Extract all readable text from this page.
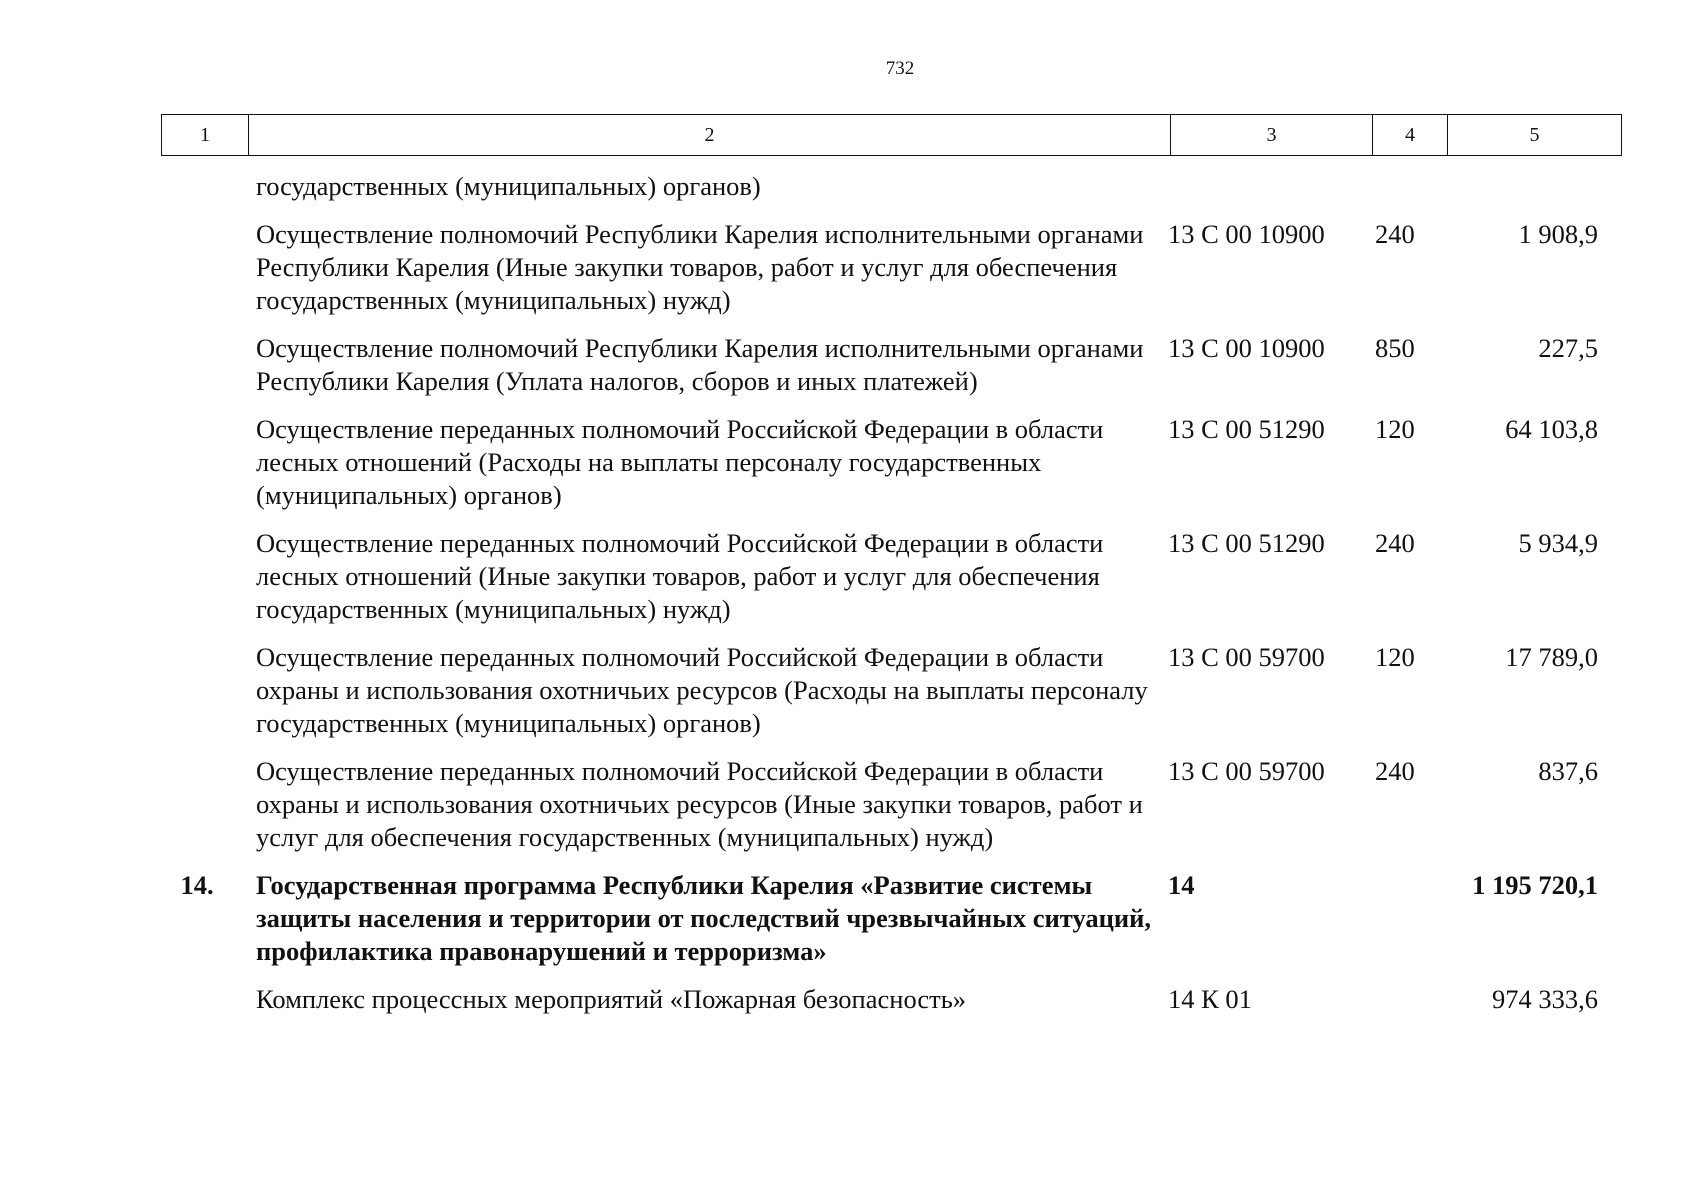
732
1	2	3	4	5
	государственных (муниципальных) органов)			
	Осуществление полномочий Республики Карелия исполнительными органами Республики Карелия (Иные закупки товаров, работ и услуг для обеспечения государственных (муниципальных) нужд)	13 С 00 10900	240	1 908,9
	Осуществление полномочий Республики Карелия исполнительными органами Республики Карелия (Уплата налогов, сборов и иных платежей)	13 С 00 10900	850	227,5
	Осуществление переданных полномочий Российской Федерации в области лесных отношений (Расходы на выплаты персоналу государственных (муниципальных) органов)	13 С 00 51290	120	64 103,8
	Осуществление переданных полномочий Российской Федерации в области лесных отношений (Иные закупки товаров, работ и услуг для обеспечения государственных (муниципальных) нужд)	13 С 00 51290	240	5 934,9
	Осуществление переданных полномочий Российской Федерации в области охраны и использования охотничьих ресурсов (Расходы на выплаты персоналу государственных (муниципальных) органов)	13 С 00 59700	120	17 789,0
	Осуществление переданных полномочий Российской Федерации в области охраны и использования охотничьих ресурсов (Иные закупки товаров, работ и услуг для обеспечения государственных (муниципальных) нужд)	13 С 00 59700	240	837,6
14.	Государственная программа Республики Карелия «Развитие системы защиты населения и территории от последствий чрезвычайных ситуаций, профилактика правонарушений и терроризма»	14		1 195 720,1
	Комплекс процессных мероприятий «Пожарная безопасность»	14 К 01		974 333,6
